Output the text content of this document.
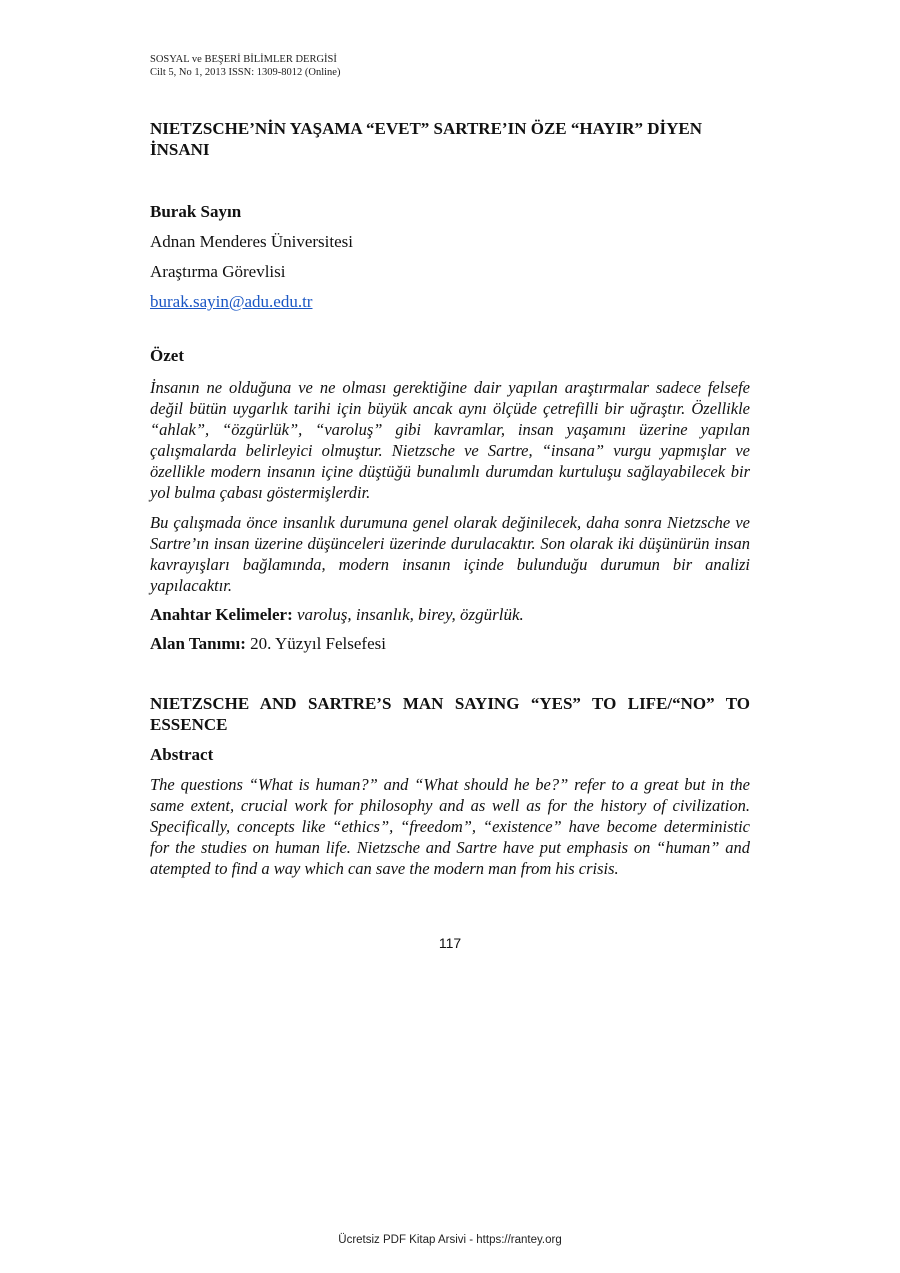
SOSYAL ve BEŞERİ BİLİMLER DERGİSİ
Cilt 5, No 1, 2013 ISSN: 1309-8012 (Online)
NIETZSCHE’NİN YAŞAMA “EVET” SARTRE’IN ÖZE “HAYIR” DİYEN İNSANI
Burak Sayın
Adnan Menderes Üniversitesi
Araştırma Görevlisi
burak.sayin@adu.edu.tr
Özet

İnsanın ne olduğuna ve ne olması gerektiğine dair yapılan araştırmalar sadece felsefe değil bütün uygarlık tarihi için büyük ancak aynı ölçüde çetrefilli bir uğraştır. Özellikle “ahlak”, “özgürlük”, “varoluş” gibi kavramlar, insan yaşamını üzerine yapılan çalışmalarda belirleyici olmuştur. Nietzsche ve Sartre, “insana” vurgu yapmışlar ve özellikle modern insanın içine düştüğü bunalımlı durumdan kurtuluşu sağlayabilecek bir yol bulma çabası göstermişlerdir.

Bu çalışmada önce insanlık durumuna genel olarak değinilecek, daha sonra Nietzsche ve Sartre’ın insan üzerine düşünceleri üzerinde durulacaktır. Son olarak iki düşünürün insan kavrayışları bağlamında, modern insanın içinde bulunduğu durumun bir analizi yapılacaktır.

Anahtar Kelimeler: varoluş, insanlık, birey, özgürlük.
Alan Tanımı: 20. Yüzyıl Felsefesi
NIETZSCHE AND SARTRE’S MAN SAYING “YES” TO LIFE/“NO” TO ESSENCE
Abstract

The questions “What is human?” and “What should he be?” refer to a great but in the same extent, crucial work for philosophy and as well as for the history of civilization. Specifically, concepts like “ethics”, “freedom”, “existence” have become deterministic for the studies on human life. Nietzsche and Sartre have put emphasis on “human” and atempted to find a way which can save the modern man from his crisis.

117
Ücretsiz PDF Kitap Arsivi - https://rantey.org
